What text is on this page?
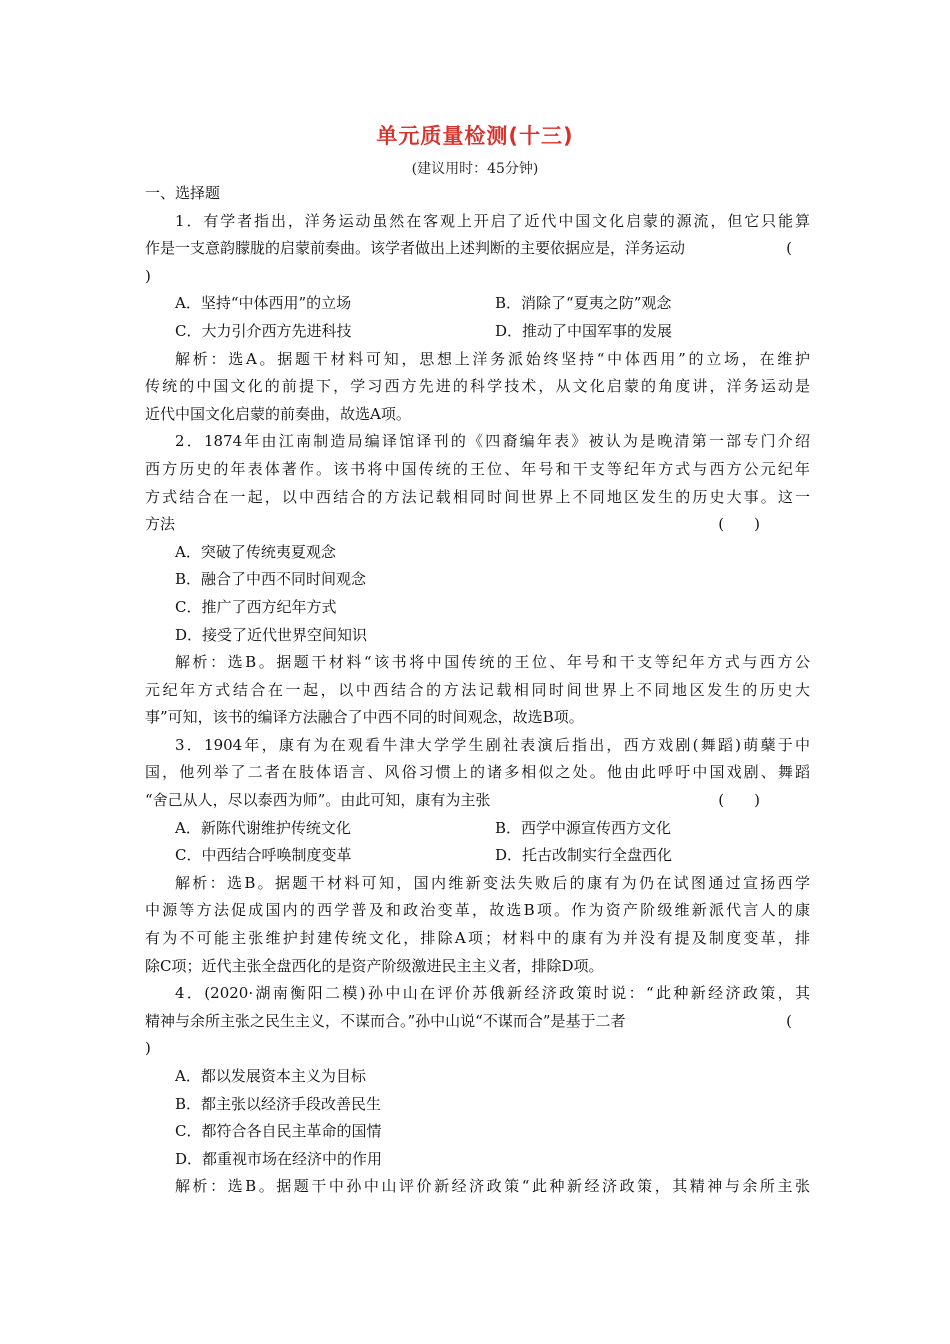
单元质量检测(十三)
(建议用时：45分钟)
一、选择题
1．有学者指出，洋务运动虽然在客观上开启了近代中国文化启蒙的源流，但它只能算
作是一支意韵朦胧的启蒙前奏曲。该学者做出上述判断的主要依据应是，洋务运动	(
)
A．坚持“中体西用”的立场	B．消除了“夏夷之防”观念
C．大力引介西方先进科技	D．推动了中国军事的发展
解析：选A。据题干材料可知，思想上洋务派始终坚持“中体西用”的立场，在维护
传统的中国文化的前提下，学习西方先进的科学技术，从文化启蒙的角度讲，洋务运动是
近代中国文化启蒙的前奏曲，故选A项。
2．1874年由江南制造局编译馆译刊的《四裔编年表》被认为是晚清第一部专门介绍
西方历史的年表体著作。该书将中国传统的王位、年号和干支等纪年方式与西方公元纪年
方式结合在一起，以中西结合的方法记载相同时间世界上不同地区发生的历史大事。这一
方法	(　　)
A．突破了传统夷夏观念
B．融合了中西不同时间观念
C．推广了西方纪年方式
D．接受了近代世界空间知识
解析：选B。据题干材料“该书将中国传统的王位、年号和干支等纪年方式与西方公
元纪年方式结合在一起，以中西结合的方法记载相同时间世界上不同地区发生的历史大
事”可知，该书的编译方法融合了中西不同的时间观念，故选B项。
3．1904年，康有为在观看牛津大学学生剧社表演后指出，西方戏剧(舞蹈)萌蘖于中
国，他列举了二者在肢体语言、风俗习惯上的诸多相似之处。他由此呼吁中国戏剧、舞蹈
“舍己从人，尽以泰西为师”。由此可知，康有为主张	(　　)
A．新陈代谢维护传统文化	B．西学中源宣传西方文化
C．中西结合呼唤制度变革	D．托古改制实行全盘西化
解析：选B。据题干材料可知，国内维新变法失败后的康有为仍在试图通过宣扬西学
中源等方法促成国内的西学普及和政治变革，故选B项。作为资产阶级维新派代言人的康
有为不可能主张维护封建传统文化，排除A项；材料中的康有为并没有提及制度变革，排
除C项；近代主张全盘西化的是资产阶级激进民主主义者，排除D项。
4．(2020·湖南衡阳二模)孙中山在评价苏俄新经济政策时说：“此种新经济政策，其
精神与余所主张之民生主义，不谋而合。”孙中山说“不谋而合”是基于二者	(
)
A．都以发展资本主义为目标
B．都主张以经济手段改善民生
C．都符合各自民主革命的国情
D．都重视市场在经济中的作用
解析：选B。据题干中孙中山评价新经济政策“此种新经济政策，其精神与余所主张
